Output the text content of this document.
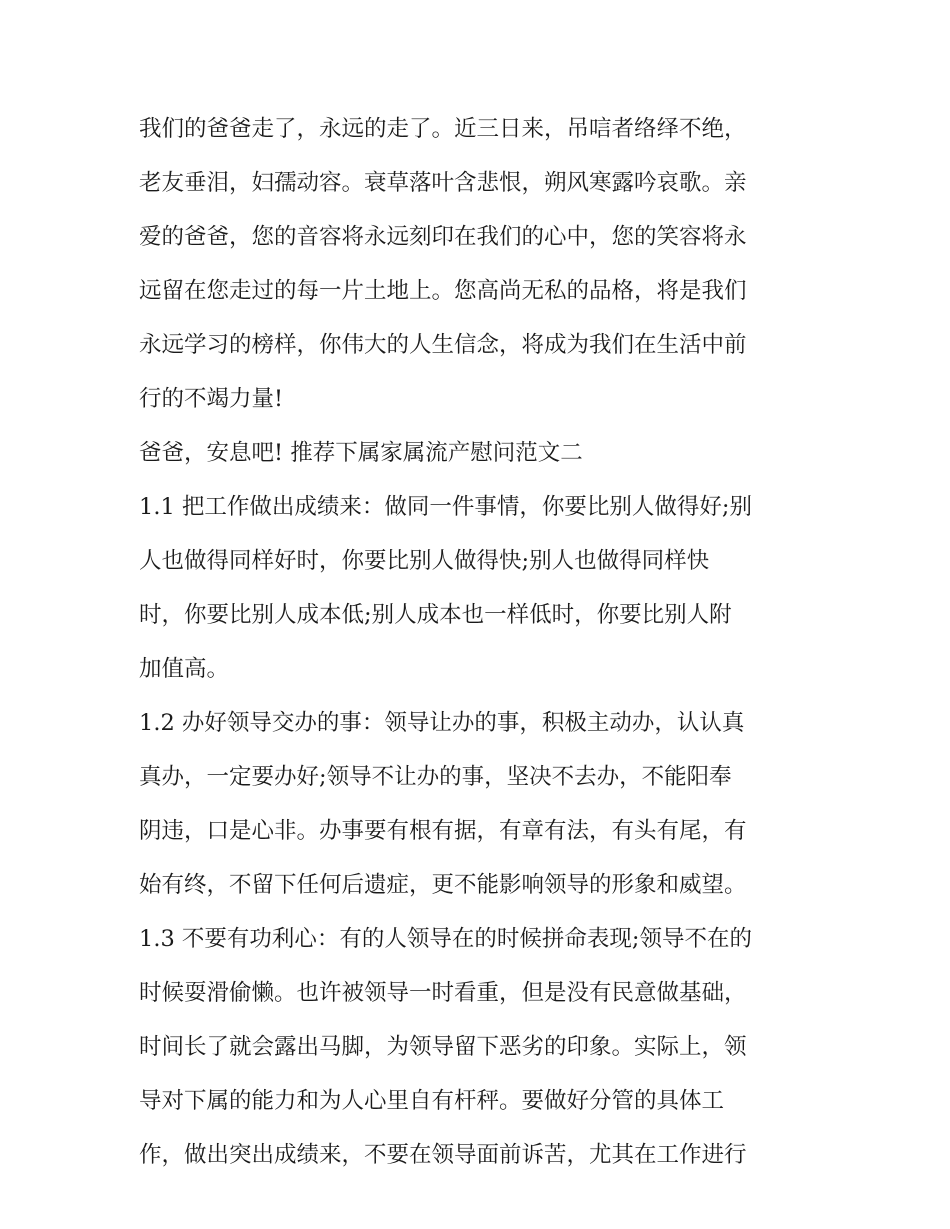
我们的爸爸走了，永远的走了。近三日来，吊唁者络绎不绝，
老友垂泪，妇孺动容。衰草落叶含悲恨，朔风寒露吟哀歌。亲
爱的爸爸，您的音容将永远刻印在我们的心中，您的笑容将永
远留在您走过的每一片土地上。您高尚无私的品格，将是我们
永远学习的榜样，你伟大的人生信念，将成为我们在生活中前
行的不竭力量!
爸爸，安息吧! 推荐下属家属流产慰问范文二
1.1 把工作做出成绩来：做同一件事情，你要比别人做得好;别
人也做得同样好时，你要比别人做得快;别人也做得同样快
时，你要比别人成本低;别人成本也一样低时，你要比别人附
加值高。
1.2 办好领导交办的事：领导让办的事，积极主动办，认认真
真办，一定要办好;领导不让办的事，坚决不去办，不能阳奉
阴违，口是心非。办事要有根有据，有章有法，有头有尾，有
始有终，不留下任何后遗症，更不能影响领导的形象和威望。
1.3 不要有功利心：有的人领导在的时候拼命表现;领导不在的
时候耍滑偷懒。也许被领导一时看重，但是没有民意做基础，
时间长了就会露出马脚，为领导留下恶劣的印象。实际上，领
导对下属的能力和为人心里自有杆秤。要做好分管的具体工
作，做出突出成绩来，不要在领导面前诉苦，尤其在工作进行
